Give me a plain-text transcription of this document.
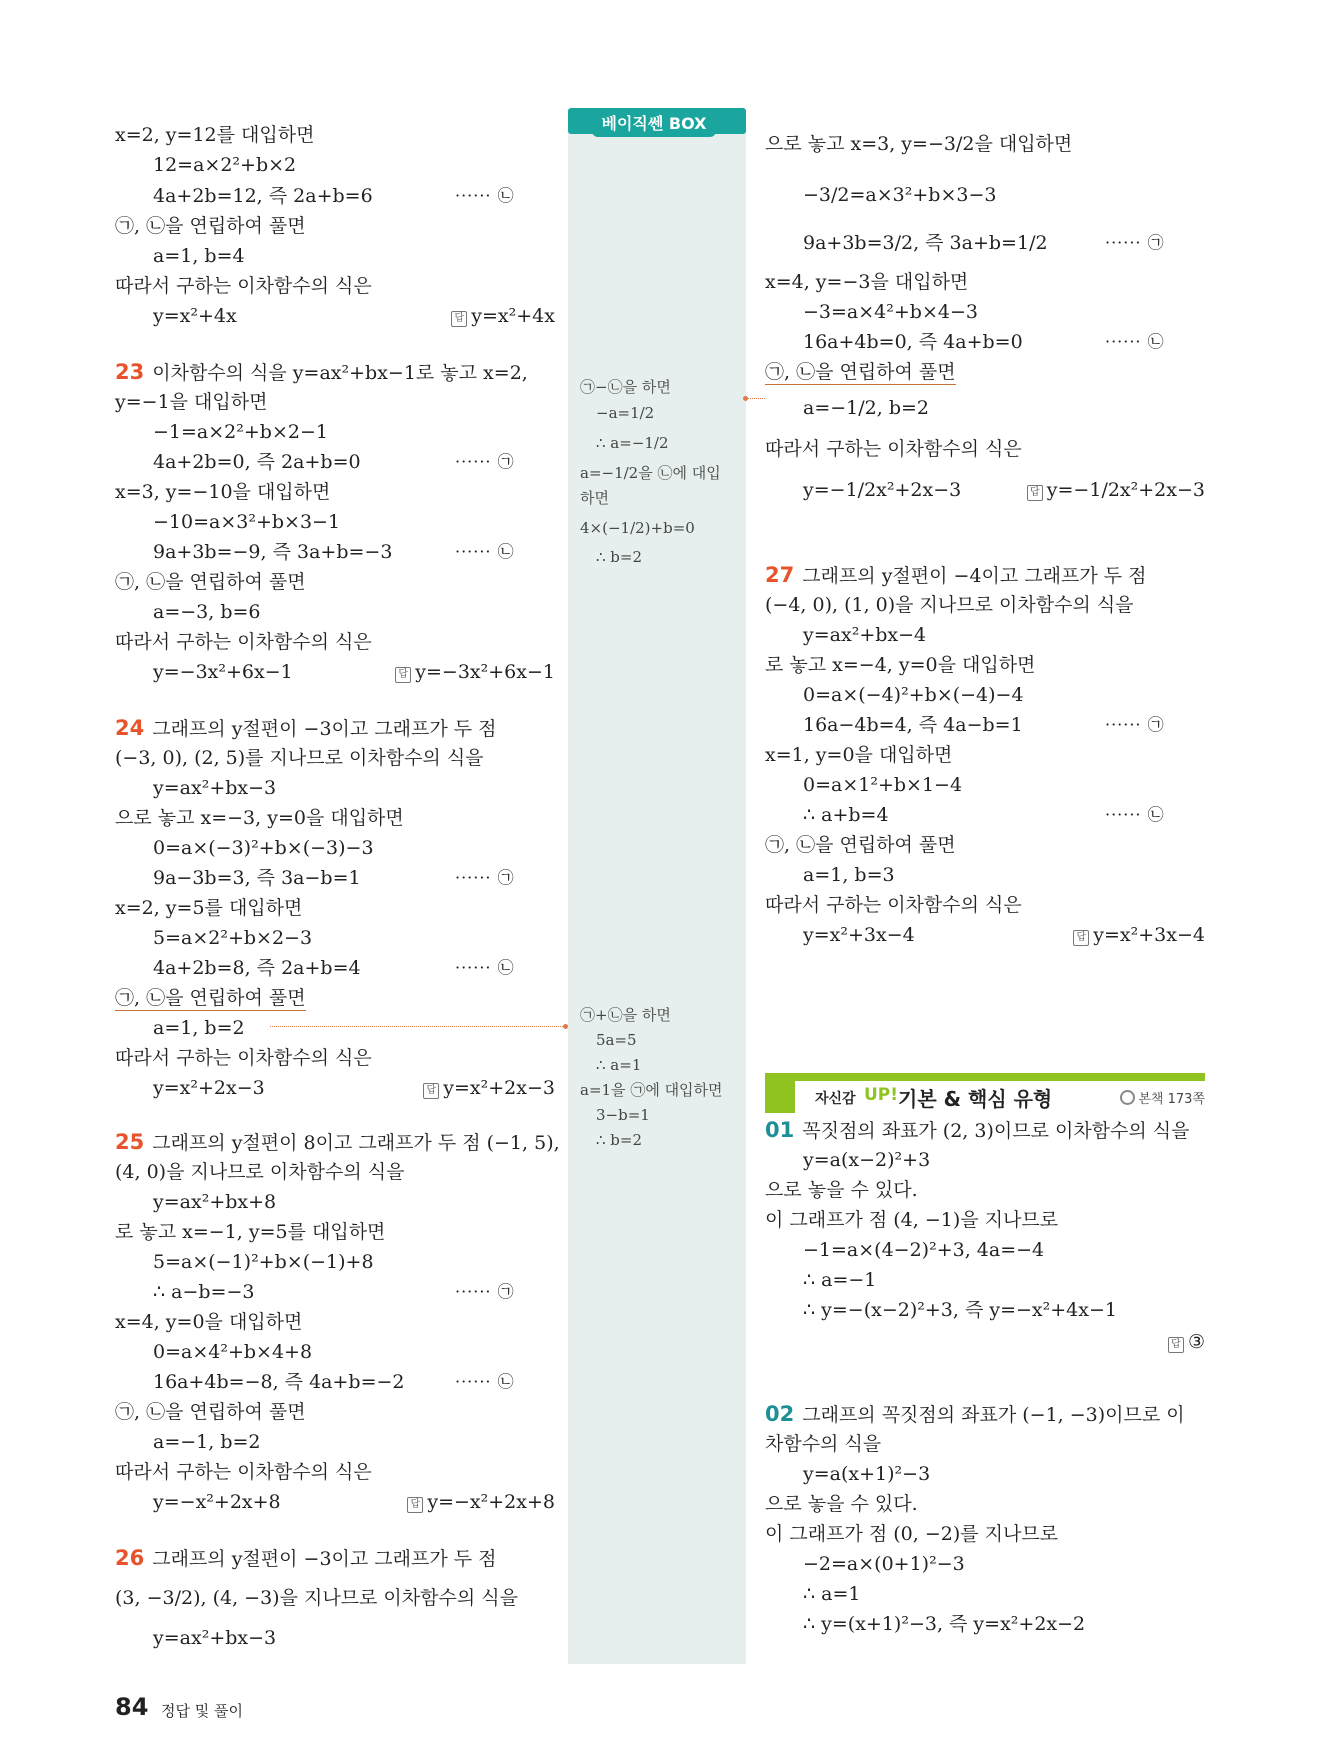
베이직쎈 BOX
㉠−㉡을 하면
−a=1/2
∴ a=−1/2
a=−1/2을 ㉡에 대입
하면
4×(−1/2)+b=0
∴ b=2
㉠+㉡을 하면
5a=5
∴ a=1
a=1을 ㉠에 대입하면
3−b=1
∴ b=2
x=2, y=12를 대입하면
12=a×2²+b×2
4a+2b=12, 즉 2a+b=6	······ ㉡
㉠, ㉡을 연립하여 풀면
a=1, b=4
따라서 구하는 이차함수의 식은
y=x²+4x	답 y=x²+4x
23 이차함수의 식을 y=ax²+bx−1로 놓고 x=2,
y=−1을 대입하면
−1=a×2²+b×2−1
4a+2b=0, 즉 2a+b=0	······ ㉠
x=3, y=−10을 대입하면
−10=a×3²+b×3−1
9a+3b=−9, 즉 3a+b=−3	······ ㉡
㉠, ㉡을 연립하여 풀면
a=−3, b=6
따라서 구하는 이차함수의 식은
y=−3x²+6x−1	답 y=−3x²+6x−1
24 그래프의 y절편이 −3이고 그래프가 두 점
(−3, 0), (2, 5)를 지나므로 이차함수의 식을
y=ax²+bx−3
으로 놓고 x=−3, y=0을 대입하면
0=a×(−3)²+b×(−3)−3
9a−3b=3, 즉 3a−b=1	······ ㉠
x=2, y=5를 대입하면
5=a×2²+b×2−3
4a+2b=8, 즉 2a+b=4	······ ㉡
㉠, ㉡을 연립하여 풀면
a=1, b=2
따라서 구하는 이차함수의 식은
y=x²+2x−3	답 y=x²+2x−3
25 그래프의 y절편이 8이고 그래프가 두 점 (−1, 5),
(4, 0)을 지나므로 이차함수의 식을
y=ax²+bx+8
로 놓고 x=−1, y=5를 대입하면
5=a×(−1)²+b×(−1)+8
∴ a−b=−3	······ ㉠
x=4, y=0을 대입하면
0=a×4²+b×4+8
16a+4b=−8, 즉 4a+b=−2	······ ㉡
㉠, ㉡을 연립하여 풀면
a=−1, b=2
따라서 구하는 이차함수의 식은
y=−x²+2x+8	답 y=−x²+2x+8
26 그래프의 y절편이 −3이고 그래프가 두 점
(3, −3/2), (4, −3)을 지나므로 이차함수의 식을
y=ax²+bx−3
으로 놓고 x=3, y=−3/2을 대입하면
−3/2=a×3²+b×3−3
9a+3b=3/2, 즉 3a+b=1/2	······ ㉠
x=4, y=−3을 대입하면
−3=a×4²+b×4−3
16a+4b=0, 즉 4a+b=0	······ ㉡
㉠, ㉡을 연립하여 풀면
a=−1/2, b=2
따라서 구하는 이차함수의 식은
y=−1/2x²+2x−3	답 y=−1/2x²+2x−3
27 그래프의 y절편이 −4이고 그래프가 두 점
(−4, 0), (1, 0)을 지나므로 이차함수의 식을
y=ax²+bx−4
로 놓고 x=−4, y=0을 대입하면
0=a×(−4)²+b×(−4)−4
16a−4b=4, 즉 4a−b=1	······ ㉠
x=1, y=0을 대입하면
0=a×1²+b×1−4
∴ a+b=4	······ ㉡
㉠, ㉡을 연립하여 풀면
a=1, b=3
따라서 구하는 이차함수의 식은
y=x²+3x−4	답 y=x²+3x−4
01 꼭짓점의 좌표가 (2, 3)이므로 이차함수의 식을
y=a(x−2)²+3
으로 놓을 수 있다.
이 그래프가 점 (4, −1)을 지나므로
−1=a×(4−2)²+3, 4a=−4
∴ a=−1
∴ y=−(x−2)²+3, 즉 y=−x²+4x−1
답 ③
02 그래프의 꼭짓점의 좌표가 (−1, −3)이므로 이
차함수의 식을
y=a(x+1)²−3
으로 놓을 수 있다.
이 그래프가 점 (0, −2)를 지나므로
−2=a×(0+1)²−3
∴ a=1
∴ y=(x+1)²−3, 즉 y=x²+2x−2
자신감 UP! 기본 & 핵심 유형	본책 173쪽
84 정답 및 풀이
